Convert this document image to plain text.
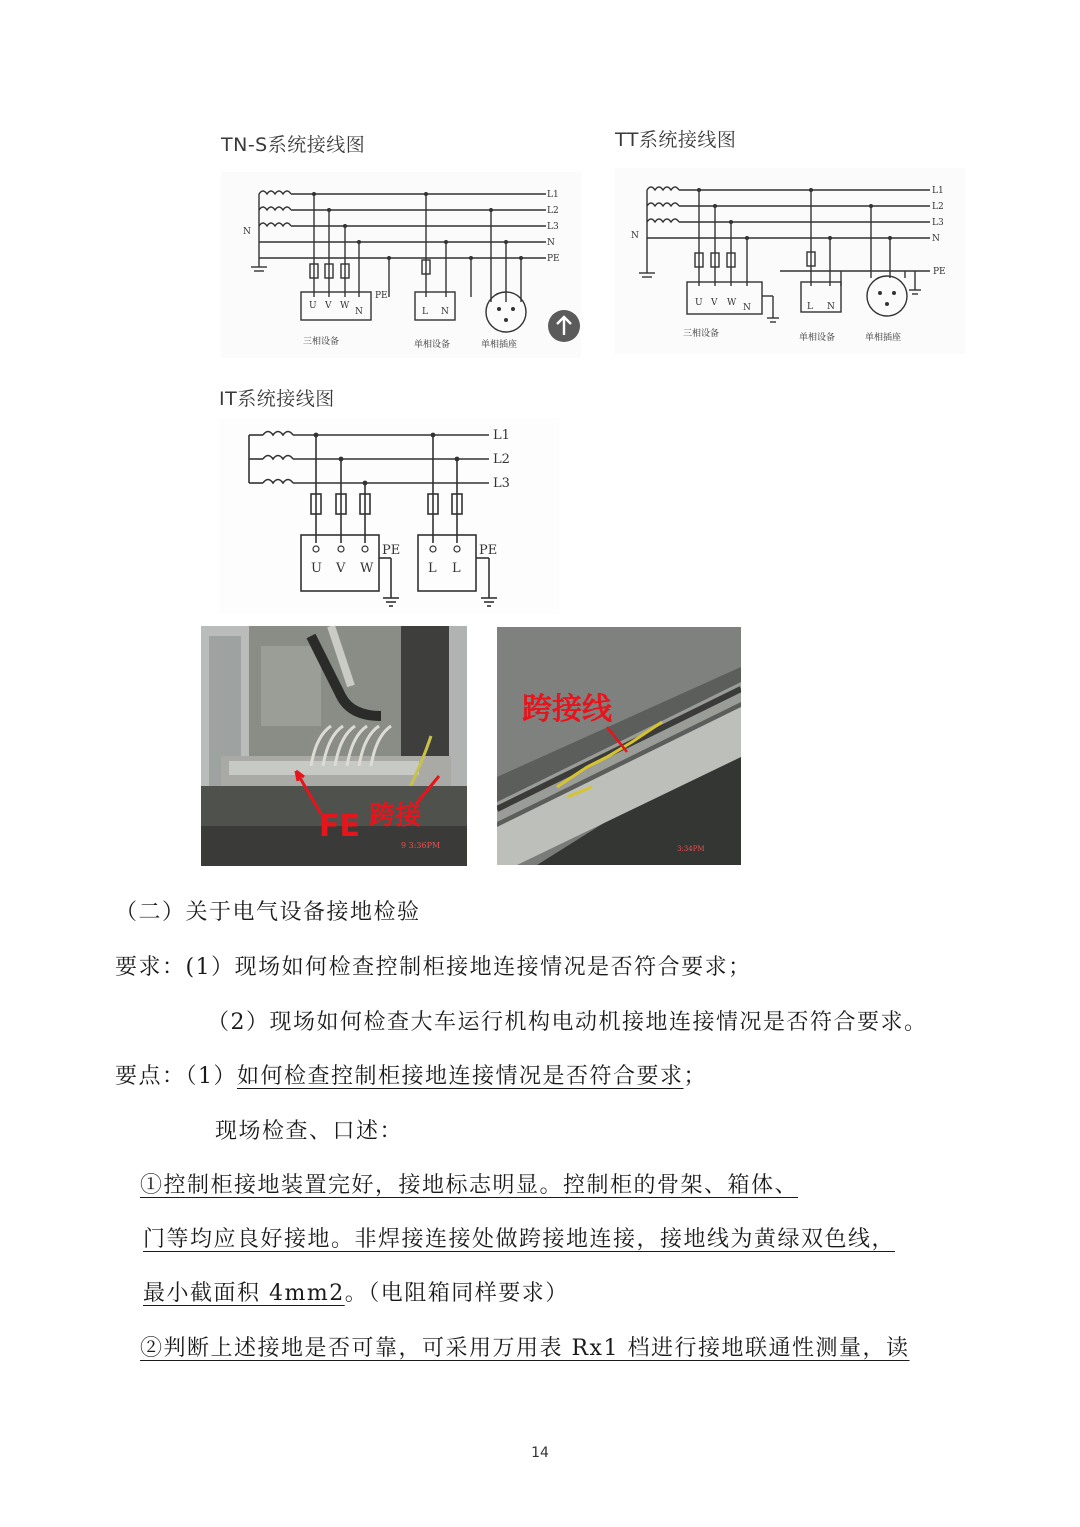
TN-S系统接线图
L1
L2
L3
N
PE
N
U V W
N
PE
L N
三相设备	单相设备	单相插座
TT系统接线图
L1
L2
L3
N
N
PE
U V W N	L N
三相设备	单相设备	单相插座
IT系统接线图
L1
L2
L3
U V W	L L
PE	PE
FE 跨接
9 3:36PM
跨接线
3:34PM
（二）关于电气设备接地检验
要求：(1）现场如何检查控制柜接地连接情况是否符合要求；
（2）现场如何检查大车运行机构电动机接地连接情况是否符合要求。
要点：（1）如何检查控制柜接地连接情况是否符合要求；
现场检查、口述：
①控制柜接地装置完好，接地标志明显。控制柜的骨架、箱体、
门等均应良好接地。非焊接连接处做跨接地连接，接地线为黄绿双色线，
最小截面积 4mm2。（电阻箱同样要求）
②判断上述接地是否可靠，可采用万用表 Rx1 档进行接地联通性测量，读
14
